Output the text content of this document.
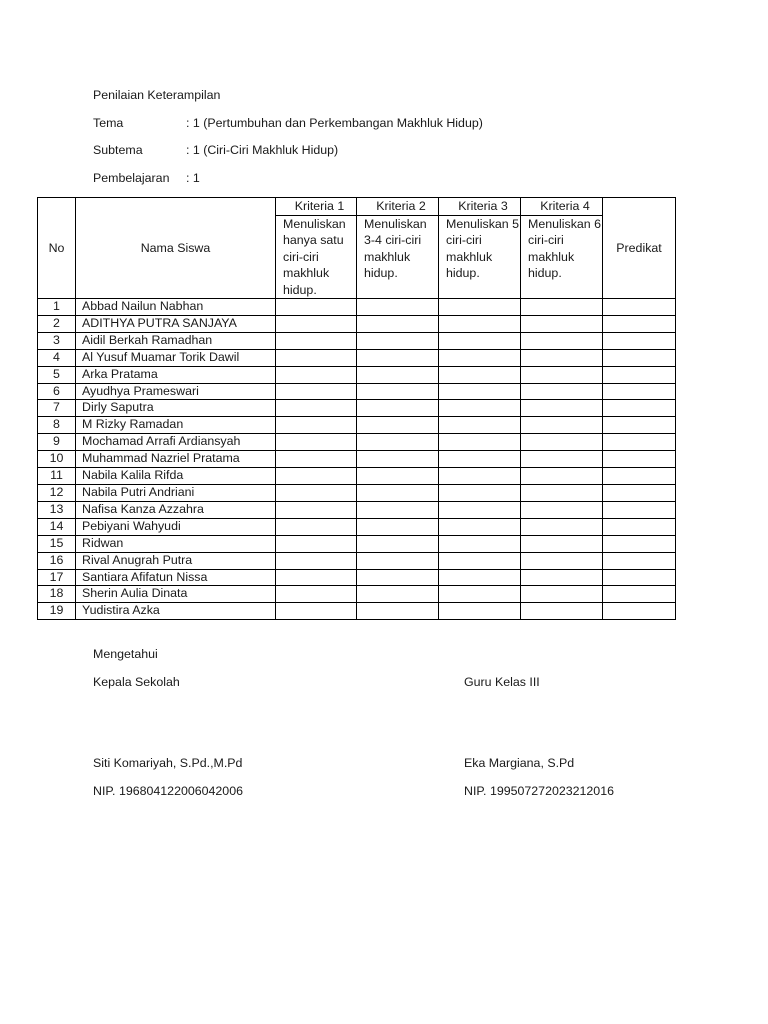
Penilaian Keterampilan
Tema	: 1 (Pertumbuhan dan Perkembangan Makhluk Hidup)
Subtema	: 1 (Ciri-Ciri Makhluk Hidup)
Pembelajaran : 1
No	Nama Siswa	Kriteria 1	Kriteria 2	Kriteria 3	Kriteria 4	Predikat
		Menuliskan hanya satu ciri-ciri makhluk hidup.	Menuliskan 3-4 ciri-ciri makhluk hidup.	Menuliskan 5 ciri-ciri makhluk hidup.	Menuliskan 6 ciri-ciri makhluk hidup.	
1	Abbad Nailun Nabhan					
2	ADITHYA PUTRA SANJAYA					
3	Aidil Berkah Ramadhan					
4	Al Yusuf Muamar Torik Dawil					
5	Arka Pratama					
6	Ayudhya Prameswari					
7	Dirly Saputra					
8	M Rizky Ramadan					
9	Mochamad Arrafi Ardiansyah					
10	Muhammad Nazriel Pratama					
11	Nabila Kalila Rifda					
12	Nabila Putri Andriani					
13	Nafisa Kanza Azzahra					
14	Pebiyani Wahyudi					
15	Ridwan					
16	Rival Anugrah Putra					
17	Santiara Afifatun Nissa					
18	Sherin Aulia Dinata					
19	Yudistira Azka					
Mengetahui
Kepala Sekolah	Guru Kelas III
Siti Komariyah, S.Pd.,M.Pd	Eka Margiana, S.Pd
NIP. 196804122006042006	NIP. 199507272023212016
